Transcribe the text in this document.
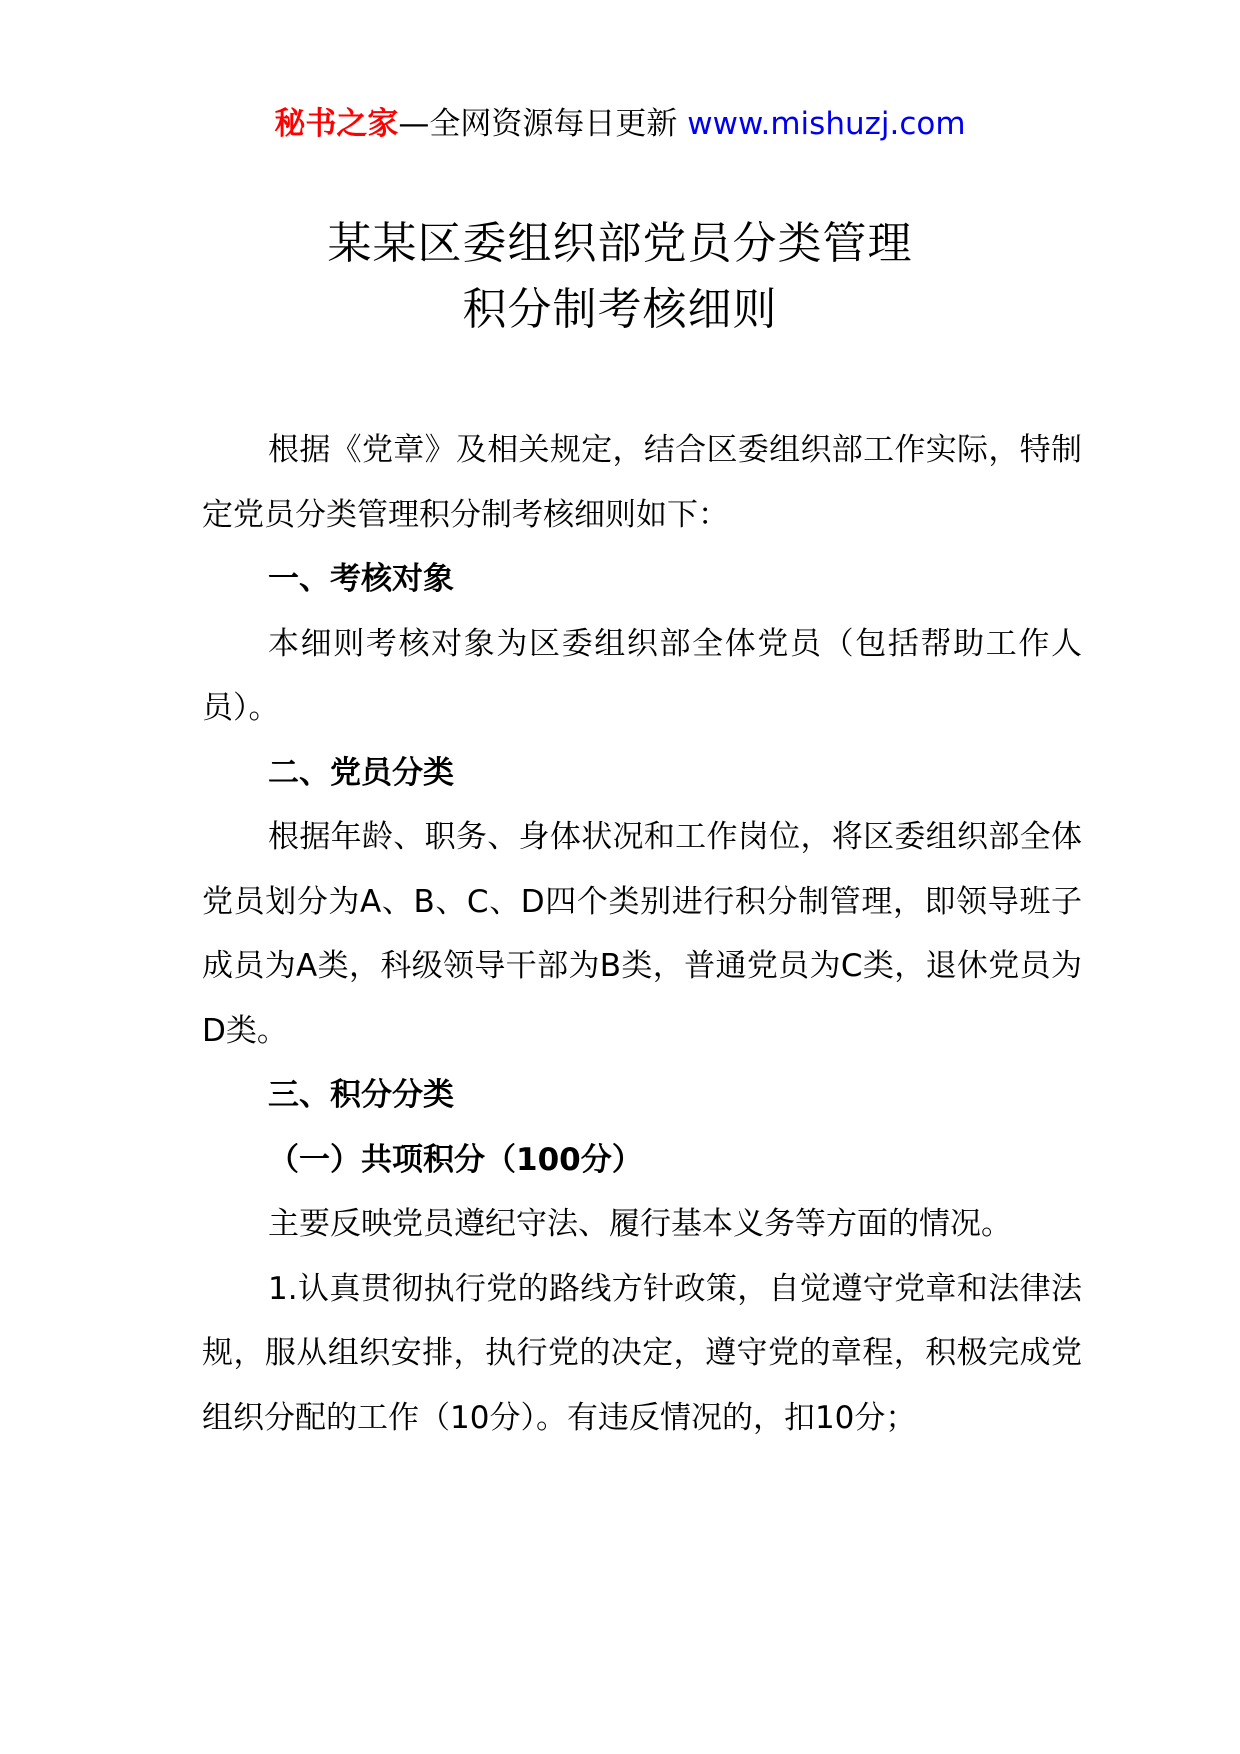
秘书之家—全网资源每日更新 www.mishuzj.com
某某区委组织部党员分类管理
积分制考核细则

根据《党章》及相关规定，结合区委组织部工作实际，特制定党员分类管理积分制考核细则如下：

一、考核对象

本细则考核对象为区委组织部全体党员（包括帮助工作人员）。

二、党员分类

根据年龄、职务、身体状况和工作岗位，将区委组织部全体党员划分为A、B、C、D四个类别进行积分制管理，即领导班子成员为A类，科级领导干部为B类，普通党员为C类，退休党员为D类。

三、积分分类

（一）共项积分（100分）

主要反映党员遵纪守法、履行基本义务等方面的情况。

1.认真贯彻执行党的路线方针政策，自觉遵守党章和法律法规，服从组织安排，执行党的决定，遵守党的章程，积极完成党组织分配的工作（10分）。有违反情况的，扣10分；
